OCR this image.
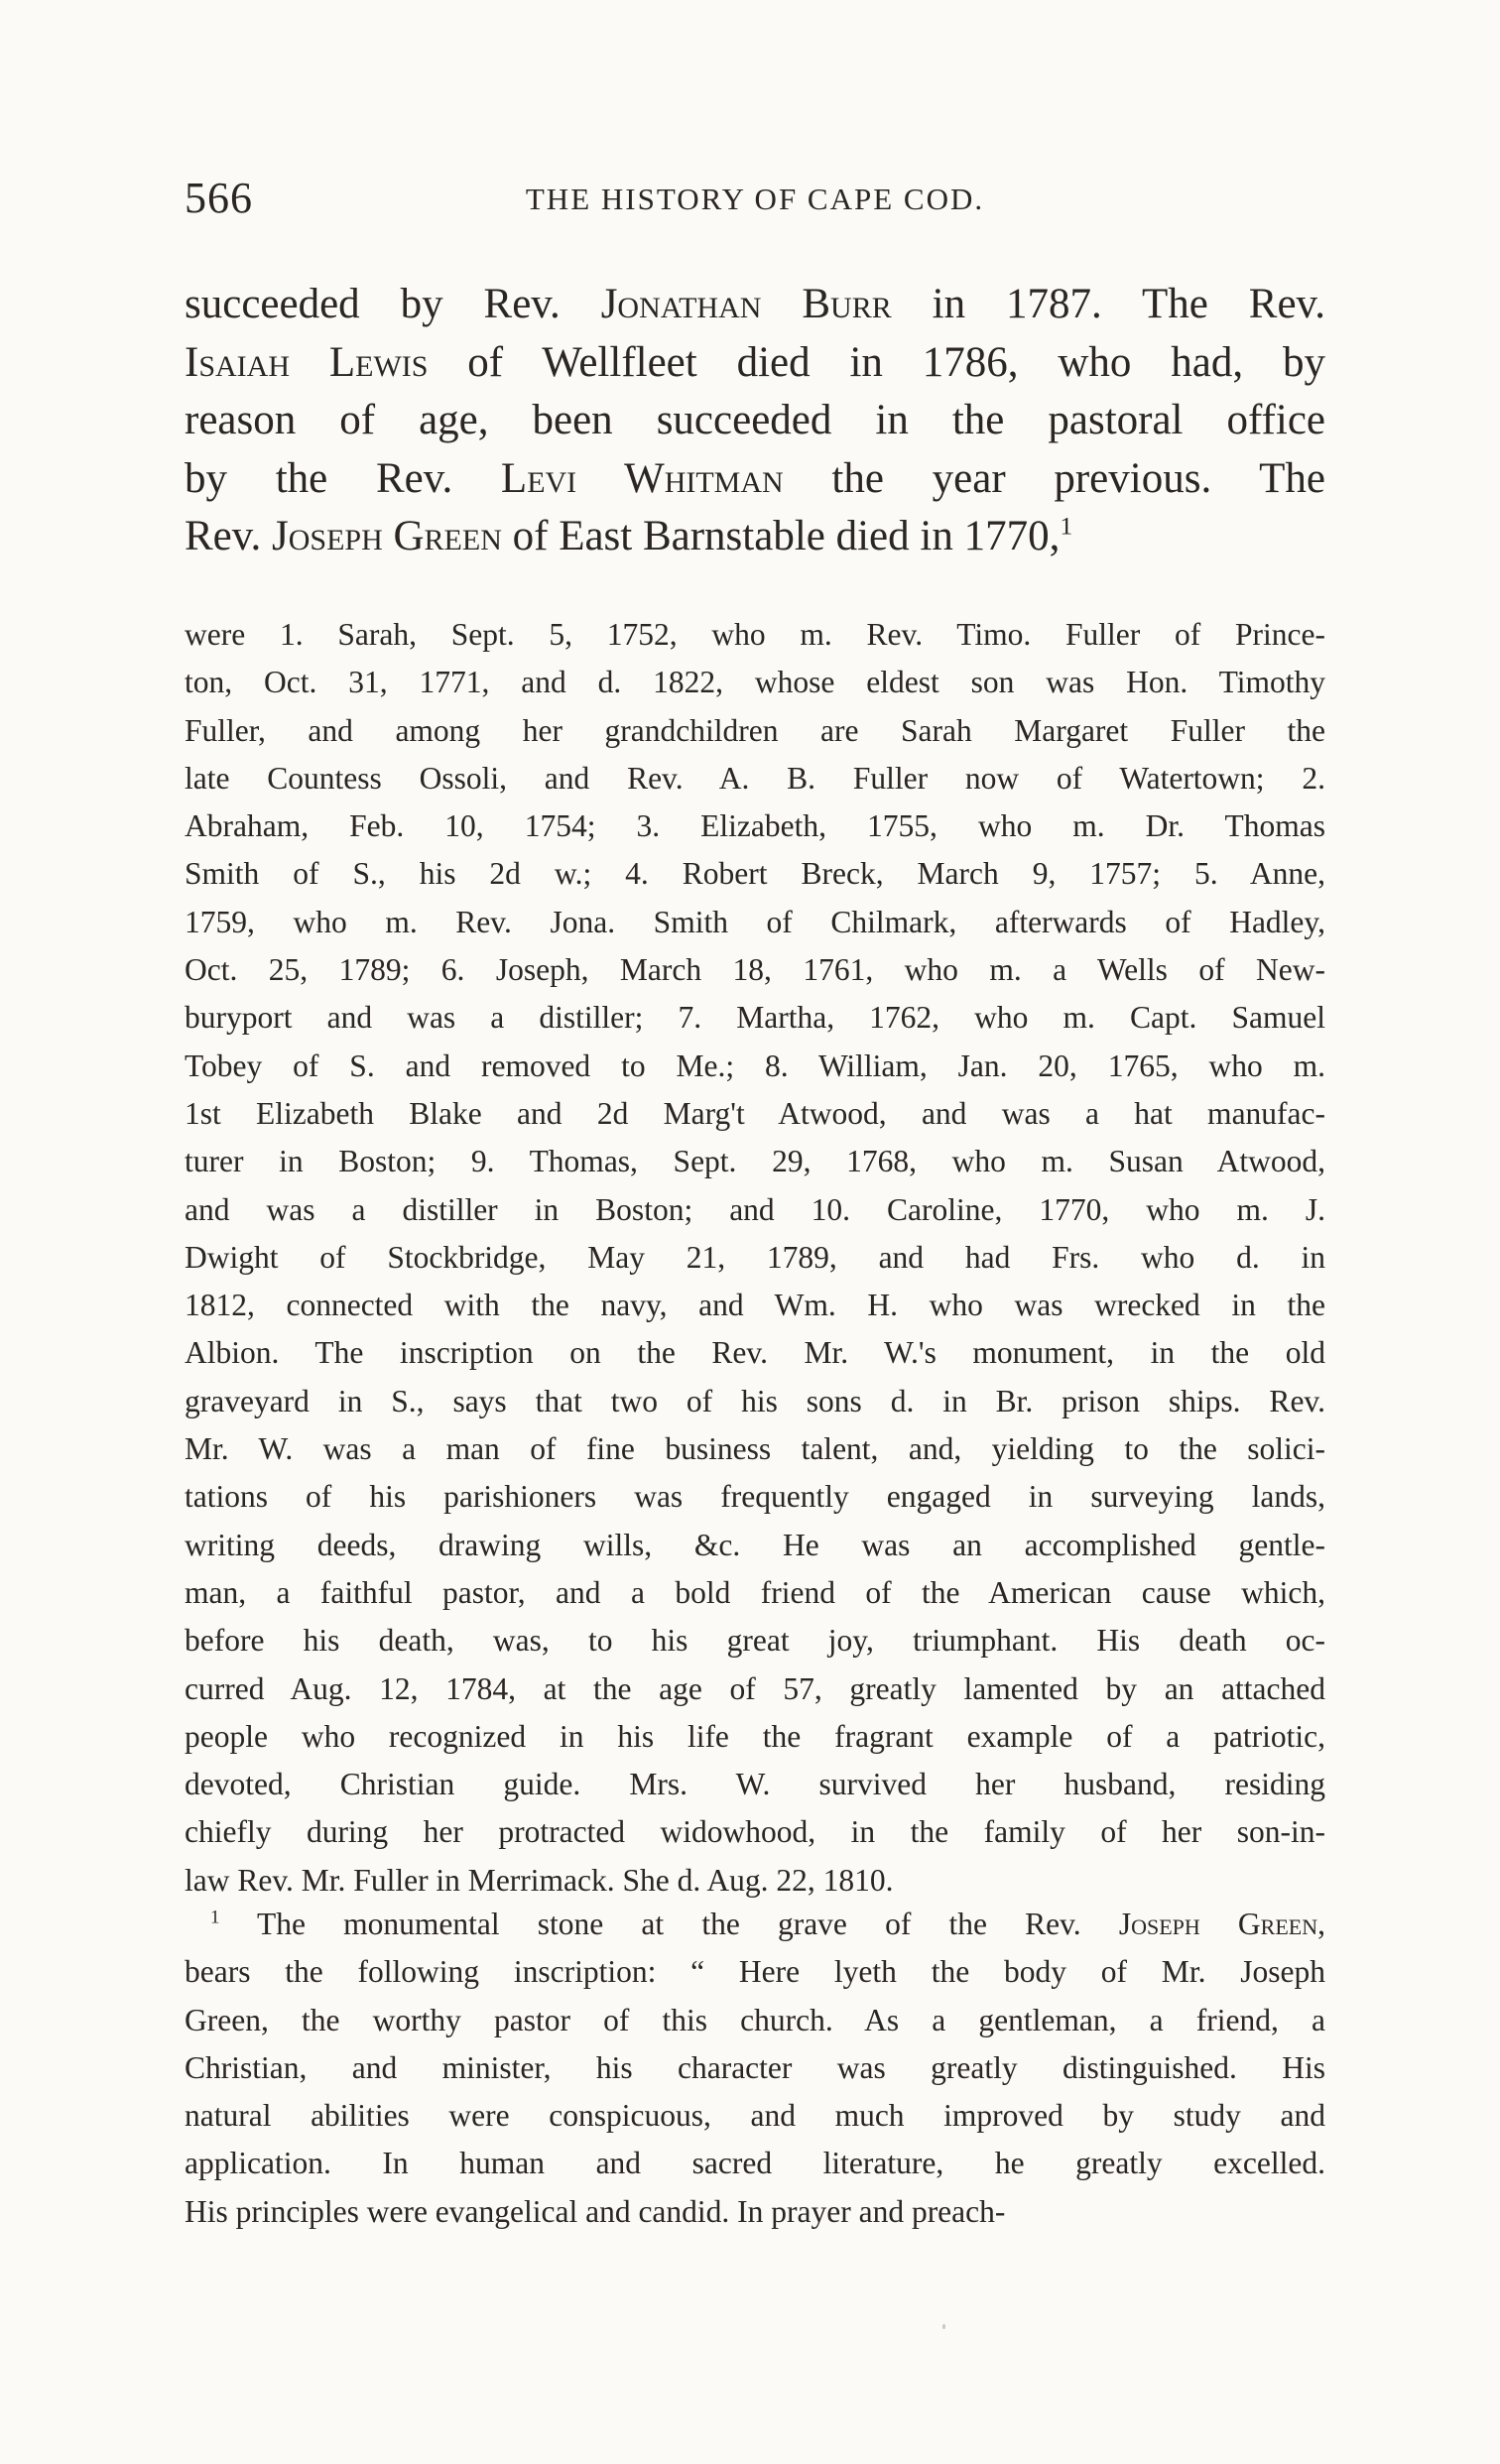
566	THE HISTORY OF CAPE COD.
succeeded by Rev. Jonathan Burr in 1787. The Rev.
Isaiah Lewis of Wellfleet died in 1786, who had, by
reason of age, been succeeded in the pastoral office
by the Rev. Levi Whitman the year previous. The
Rev. Joseph Green of East Barnstable died in 1770,$^1$
were 1. Sarah, Sept. 5, 1752, who m. Rev. Timo. Fuller of Prince-
ton, Oct. 31, 1771, and d. 1822, whose eldest son was Hon. Timothy
Fuller, and among her grandchildren are Sarah Margaret Fuller the
late Countess Ossoli, and Rev. A. B. Fuller now of Watertown; 2.
Abraham, Feb. 10, 1754; 3. Elizabeth, 1755, who m. Dr. Thomas
Smith of S., his 2d w.; 4. Robert Breck, March 9, 1757; 5. Anne,
1759, who m. Rev. Jona. Smith of Chilmark, afterwards of Hadley,
Oct. 25, 1789; 6. Joseph, March 18, 1761, who m. a Wells of New-
buryport and was a distiller; 7. Martha, 1762, who m. Capt. Samuel
Tobey of S. and removed to Me.; 8. William, Jan. 20, 1765, who m.
1st Elizabeth Blake and 2d Marg't Atwood, and was a hat manufac-
turer in Boston; 9. Thomas, Sept. 29, 1768, who m. Susan Atwood,
and was a distiller in Boston; and 10. Caroline, 1770, who m. J.
Dwight of Stockbridge, May 21, 1789, and had Frs. who d. in
1812, connected with the navy, and Wm. H. who was wrecked in the
Albion. The inscription on the Rev. Mr. W.'s monument, in the old
graveyard in S., says that two of his sons d. in Br. prison ships. Rev.
Mr. W. was a man of fine business talent, and, yielding to the solici-
tations of his parishioners was frequently engaged in surveying lands,
writing deeds, drawing wills, &c. He was an accomplished gentle-
man, a faithful pastor, and a bold friend of the American cause which,
before his death, was, to his great joy, triumphant. His death oc-
curred Aug. 12, 1784, at the age of 57, greatly lamented by an attached
people who recognized in his life the fragrant example of a patriotic,
devoted, Christian guide. Mrs. W. survived her husband, residing
chiefly during her protracted widowhood, in the family of her son-in-
law Rev. Mr. Fuller in Merrimack. She d. Aug. 22, 1810.
$^1$ The monumental stone at the grave of the Rev. Joseph Green,
bears the following inscription: “ Here lyeth the body of Mr. Joseph
Green, the worthy pastor of this church. As a gentleman, a friend, a
Christian, and minister, his character was greatly distinguished. His
natural abilities were conspicuous, and much improved by study and
application. In human and sacred literature, he greatly excelled.
His principles were evangelical and candid. In prayer and preach-
